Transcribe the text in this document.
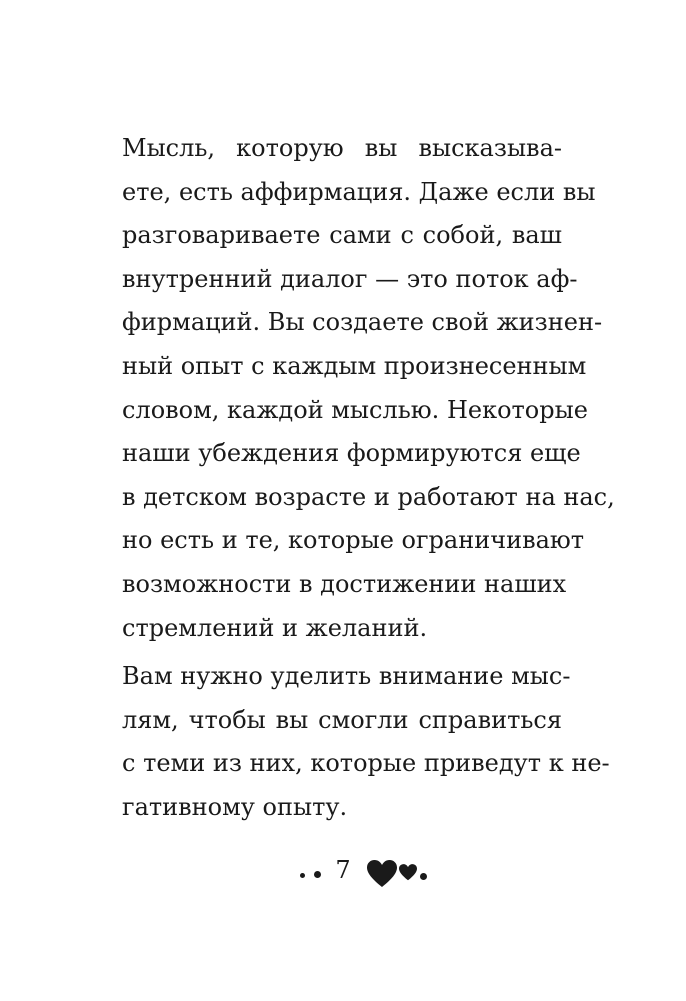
Мысль, которую вы высказыва-
ете, есть аффирмация. Даже если вы
разговариваете сами с собой, ваш
внутренний диалог — это поток аф-
фирмаций. Вы создаете свой жизнен-
ный опыт с каждым произнесенным
словом, каждой мыслью. Некоторые
наши убеждения формируются еще
в детском возрасте и работают на нас,
но есть и те, которые ограничивают
возможности в достижении наших
стремлений и желаний.
Вам нужно уделить внимание мыс-
лям, чтобы вы смогли справиться
с теми из них, которые приведут к не-
гативному опыту.
7
